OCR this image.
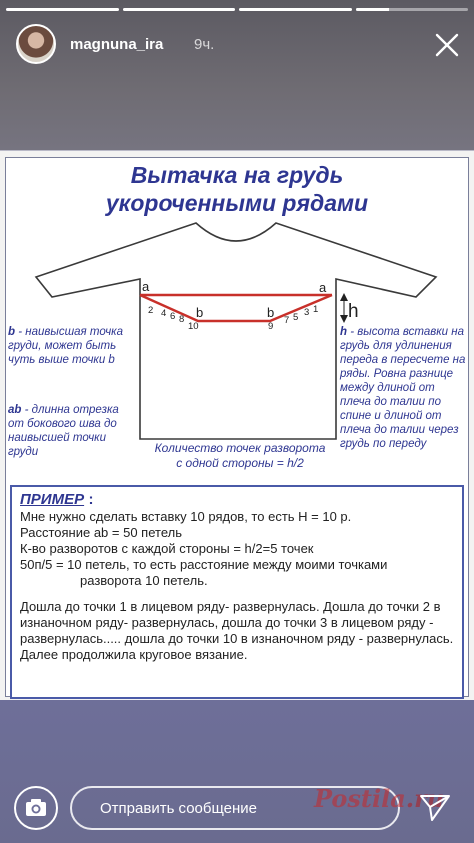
magnuna_ira 9ч.
Вытачка на грудь
укороченными рядами
a	a
b	b	h
2 4 6 8
10	9
7 5 3 1
b - наивысшая точка груди, может быть чуть выше точки b
ab - длинна отрезка от бокового шва до наивысшей точки груди
h - высота вставки на грудь для удлинения переда в пересчете на ряды. Ровна разнице между длиной от плеча до талии по спине и длиной от плеча до талии через грудь по переду
Количество точек разворота
с одной стороны = h/2
ПРИМЕР :
Мне нужно сделать вставку 10 рядов, то есть H = 10 р.
Расстояние ab = 50 петель
К-во разворотов с каждой стороны = h/2=5 точек
50п/5 = 10 петель, то есть расстояние между моими точками
разворота 10 петель.
Дошла до точки 1 в лицевом ряду- развернулась. Дошла до точки 2 в изнаночном ряду- развернулась, дошла до точки 3 в лицевом ряду - развернулась..... дошла до точки 10 в изнаночном ряду - развернулась. Далее продолжила круговое вязание.
Отправить сообщение
Postila.ru
